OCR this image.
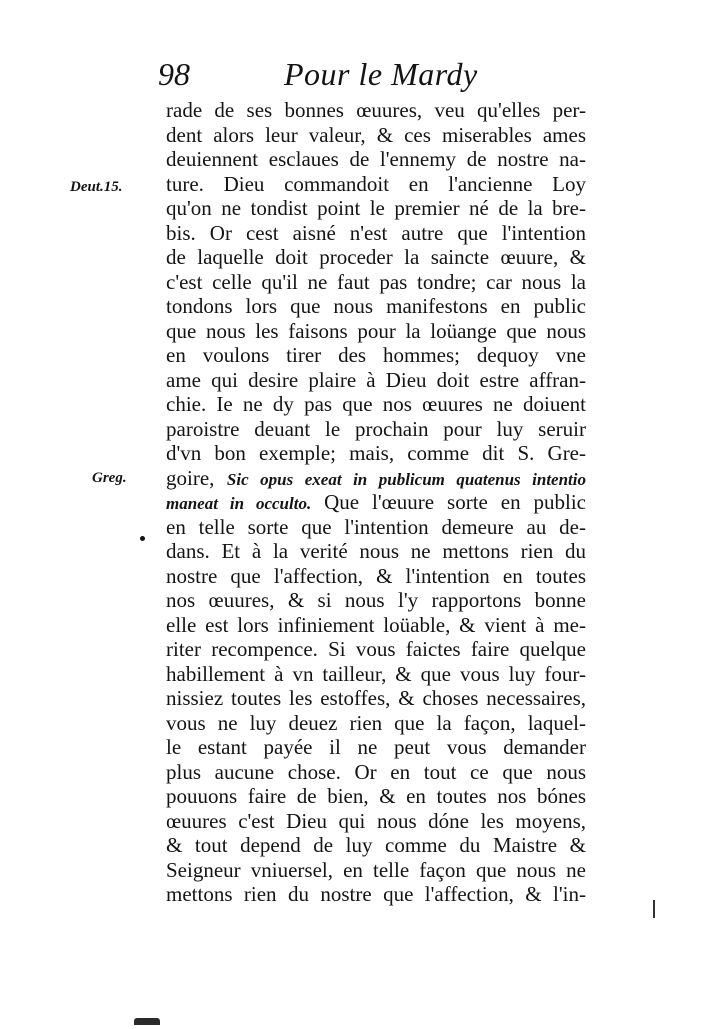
98	Pour le Mardy
Deut.15.
Greg.
rade de ses bonnes œuures, veu qu'elles per-
dent alors leur valeur, & ces miserables ames
deuiennent esclaues de l'ennemy de nostre na-
ture. Dieu commandoit en l'ancienne Loy
qu'on ne tondist point le premier né de la bre-
bis. Or cest aisné n'est autre que l'intention
de laquelle doit proceder la saincte œuure, &
c'est celle qu'il ne faut pas tondre; car nous la
tondons lors que nous manifestons en public
que nous les faisons pour la loüange que nous
en voulons tirer des hommes; dequoy vne
ame qui desire plaire à Dieu doit estre affran-
chie. Ie ne dy pas que nos œuures ne doiuent
paroistre deuant le prochain pour luy seruir
d'vn bon exemple; mais, comme dit S. Gre-
goire, Sic opus exeat in publicum quatenus intentio
maneat in occulto. Que l'œuure sorte en public
en telle sorte que l'intention demeure au de-
dans. Et à la verité nous ne mettons rien du
nostre que l'affection, & l'intention en toutes
nos œuures, & si nous l'y rapportons bonne
elle est lors infiniement loüable, & vient à me-
riter recompence. Si vous faictes faire quelque
habillement à vn tailleur, & que vous luy four-
nissiez toutes les estoffes, & choses necessaires,
vous ne luy deuez rien que la façon, laquel-
le estant payée il ne peut vous demander
plus aucune chose. Or en tout ce que nous
pouuons faire de bien, & en toutes nos bónes
œuures c'est Dieu qui nous dóne les moyens,
& tout depend de luy comme du Maistre &
Seigneur vniuersel, en telle façon que nous ne
mettons rien du nostre que l'affection, & l'in-
